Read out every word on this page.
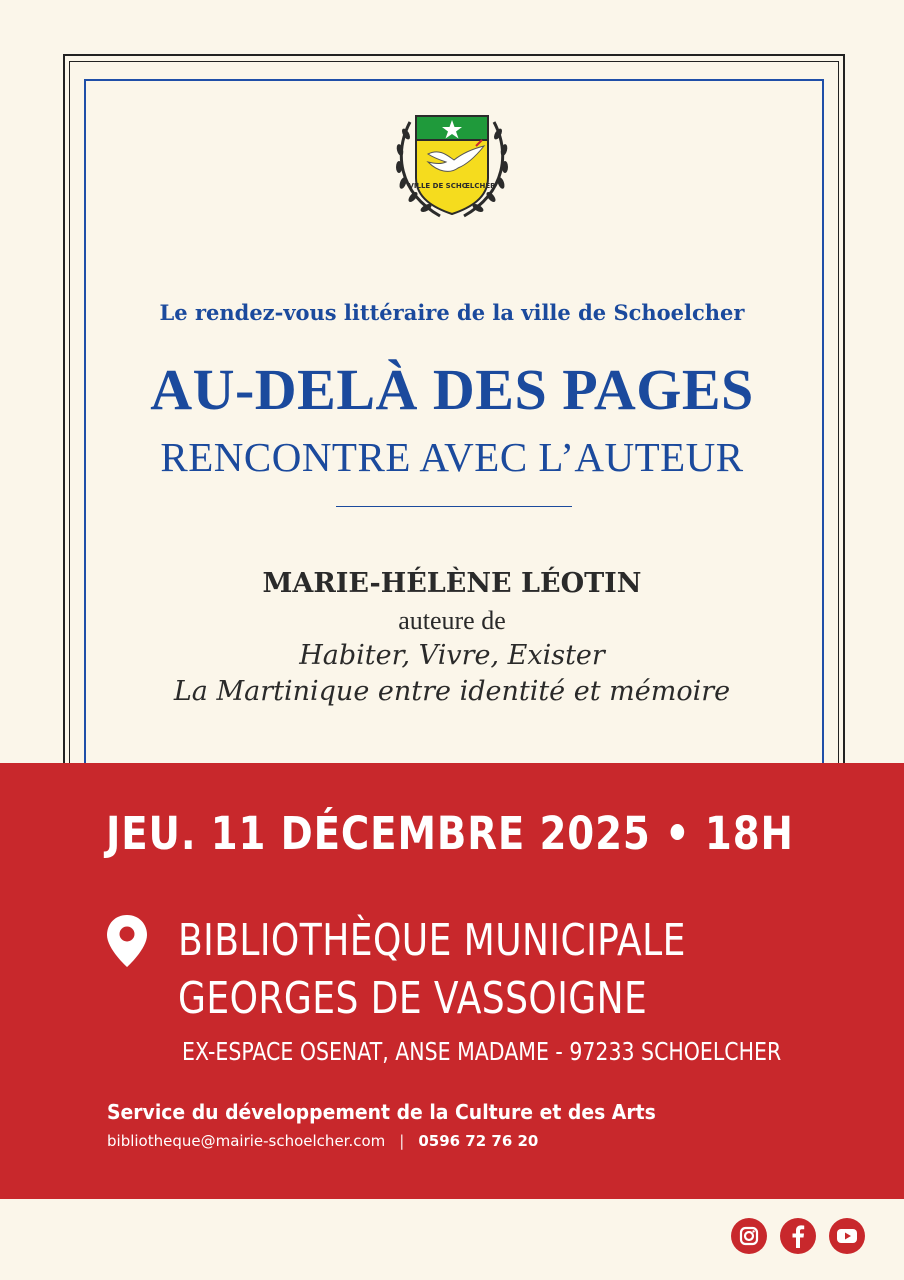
VILLE DE SCHŒLCHER
Le rendez-vous littéraire de la ville de Schoelcher
AU-DELÀ DES PAGES
RENCONTRE AVEC L’AUTEUR
MARIE-HÉLÈNE LÉOTIN
auteure de
Habiter, Vivre, Exister
La Martinique entre identité et mémoire
JEU. 11 DÉCEMBRE 2025 • 18H
BIBLIOTHÈQUE MUNICIPALE
GEORGES DE VASSOIGNE
EX-ESPACE OSENAT, ANSE MADAME - 97233 SCHOELCHER
Service du développement de la Culture et des Arts
bibliotheque@mairie-schoelcher.com | 0596 72 76 20
